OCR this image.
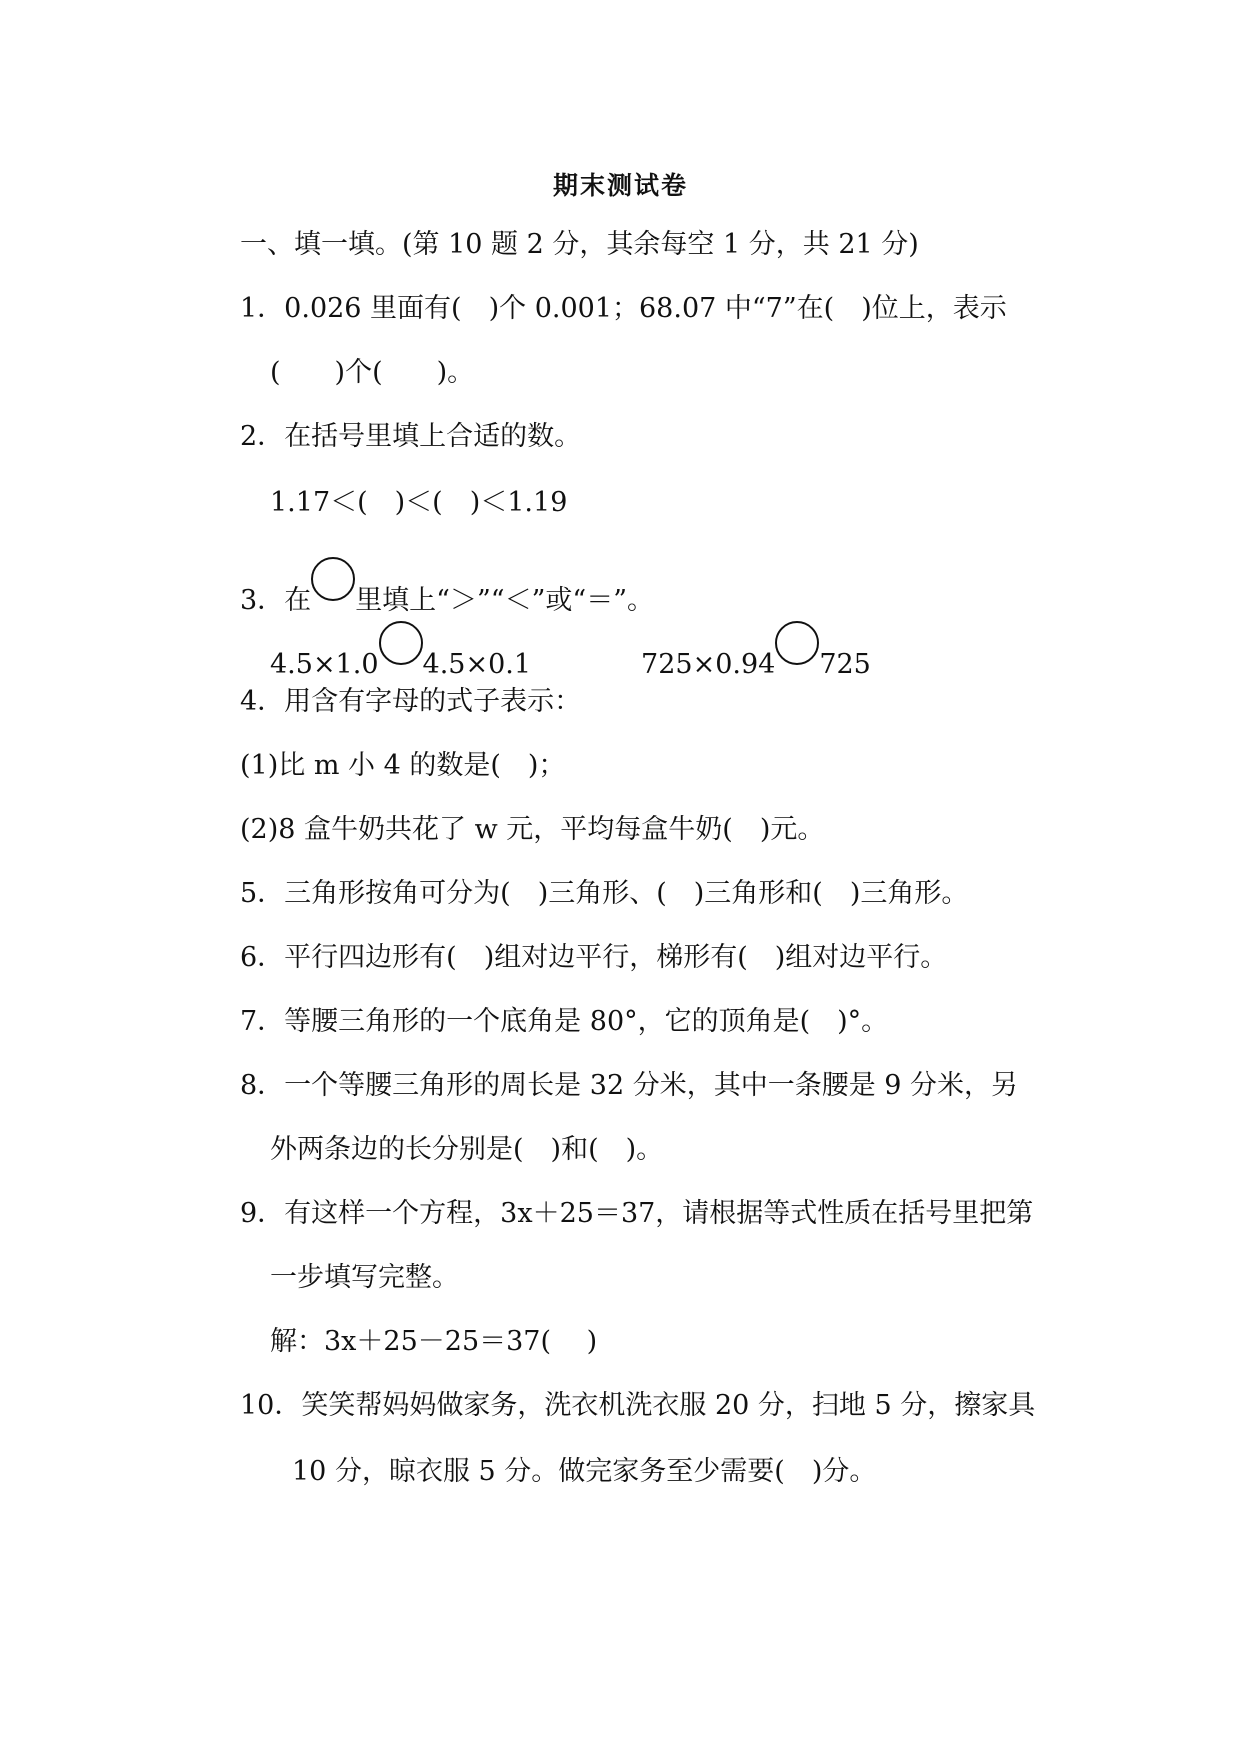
期末测试卷
一、填一填。(第 10 题 2 分，其余每空 1 分，共 21 分)
1．0.026 里面有(　)个 0.001；68.07 中“7”在(　)位上，表示
(　　)个(　　)。
2．在括号里填上合适的数。
1.17＜(　)＜(　)＜1.19
3．在 里填上“＞”“＜”或“＝”。
4.5×1.0 4.5×0.1	725×0.94 725
4．用含有字母的式子表示：
(1)比 m 小 4 的数是(　)；
(2)8 盒牛奶共花了 w 元，平均每盒牛奶(　)元。
5．三角形按角可分为(　)三角形、(　)三角形和(　)三角形。
6．平行四边形有(　)组对边平行，梯形有(　)组对边平行。
7．等腰三角形的一个底角是 80°，它的顶角是(　)°。
8．一个等腰三角形的周长是 32 分米，其中一条腰是 9 分米，另
外两条边的长分别是(　)和(　)。
9．有这样一个方程，3x＋25＝37，请根据等式性质在括号里把第
一步填写完整。
解：3x＋25－25＝37(　 )
10．笑笑帮妈妈做家务，洗衣机洗衣服 20 分，扫地 5 分，擦家具
10 分，晾衣服 5 分。做完家务至少需要(　)分。
